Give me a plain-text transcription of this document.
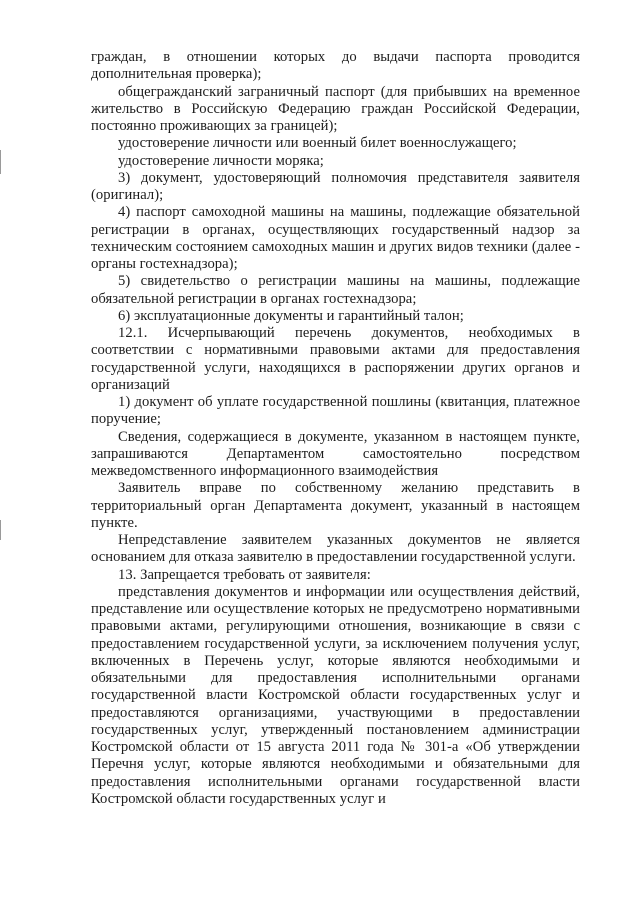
граждан, в отношении которых до выдачи паспорта проводится дополнительная проверка);

общегражданский заграничный паспорт (для прибывших на временное жительство в Российскую Федерацию граждан Российской Федерации, постоянно проживающих за границей);

удостоверение личности или военный билет военнослужащего;

удостоверение личности моряка;

3) документ, удостоверяющий полномочия представителя заявителя (оригинал);

4) паспорт самоходной машины на машины, подлежащие обязательной регистрации в органах, осуществляющих государственный надзор за техническим состоянием самоходных машин и других видов техники (далее - органы гостехнадзора);

5) свидетельство о регистрации машины на машины, подлежащие обязательной регистрации в органах гостехнадзора;

6) эксплуатационные документы и гарантийный талон;

12.1. Исчерпывающий перечень документов, необходимых в соответствии с нормативными правовыми актами для предоставления государственной услуги, находящихся в распоряжении других органов и организаций

1) документ об уплате государственной пошлины (квитанция, платежное поручение;

Сведения, содержащиеся в документе, указанном в настоящем пункте, запрашиваются Департаментом самостоятельно посредством межведомственного информационного взаимодействия

Заявитель вправе по собственному желанию представить в территориальный орган Департамента документ, указанный в настоящем пункте.

Непредставление заявителем указанных документов не является основанием для отказа заявителю в предоставлении государственной услуги.

13. Запрещается требовать от заявителя:

представления документов и информации или осуществления действий, представление или осуществление которых не предусмотрено нормативными правовыми актами, регулирующими отношения, возникающие в связи с предоставлением государственной услуги, за исключением получения услуг, включенных в Перечень услуг, которые являются необходимыми и обязательными для предоставления исполнительными органами государственной власти Костромской области государственных услуг и предоставляются организациями, участвующими в предоставлении государственных услуг, утвержденный постановлением администрации Костромской области от 15 августа 2011 года № 301-а «Об утверждении Перечня услуг, которые являются необходимыми и обязательными для предоставления исполнительными органами государственной власти Костромской области государственных услуг и
